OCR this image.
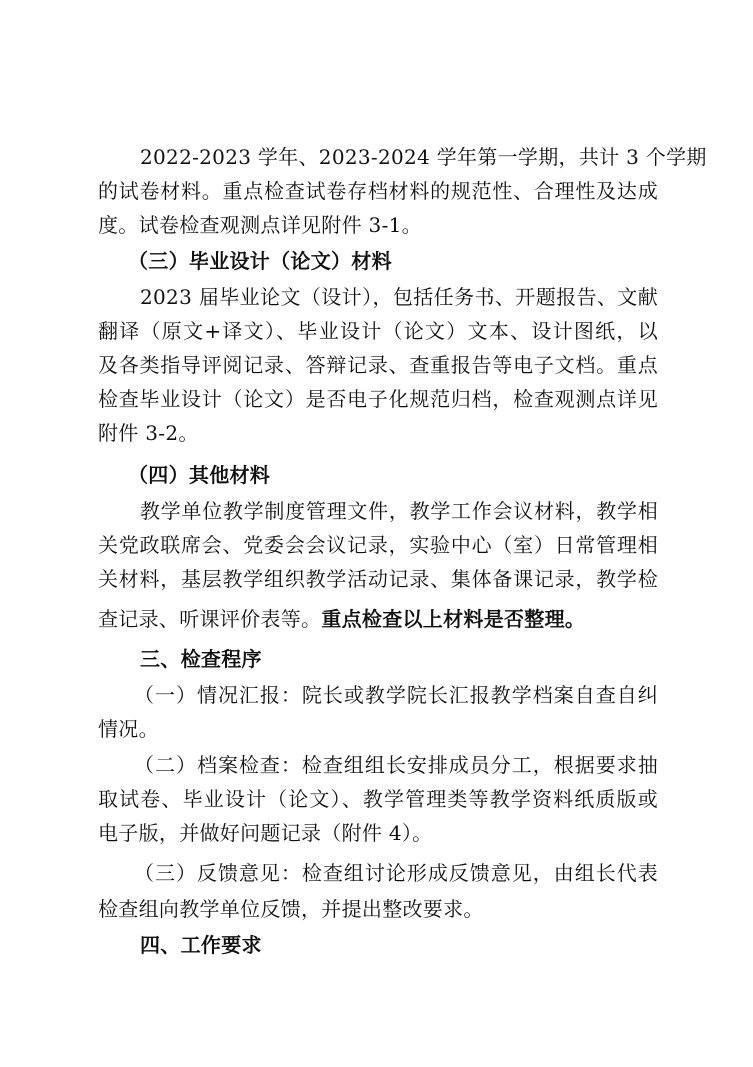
2022-2023 学年、2023-2024 学年第一学期，共计 3 个学期
的试卷材料。重点检查试卷存档材料的规范性、合理性及达成
度。试卷检查观测点详见附件 3-1。
（三）毕业设计（论文）材料
2023 届毕业论文（设计），包括任务书、开题报告、文献
翻译（原文+译文）、毕业设计（论文）文本、设计图纸，以
及各类指导评阅记录、答辩记录、查重报告等电子文档。重点
检查毕业设计（论文）是否电子化规范归档，检查观测点详见
附件 3-2。
（四）其他材料
教学单位教学制度管理文件，教学工作会议材料，教学相
关党政联席会、党委会会议记录，实验中心（室）日常管理相
关材料，基层教学组织教学活动记录、集体备课记录，教学检
查记录、听课评价表等。重点检查以上材料是否整理。
三、检查程序
（一）情况汇报：院长或教学院长汇报教学档案自查自纠
情况。
（二）档案检查：检查组组长安排成员分工，根据要求抽
取试卷、毕业设计（论文）、教学管理类等教学资料纸质版或
电子版，并做好问题记录（附件 4）。
（三）反馈意见：检查组讨论形成反馈意见，由组长代表
检查组向教学单位反馈，并提出整改要求。
四、工作要求
